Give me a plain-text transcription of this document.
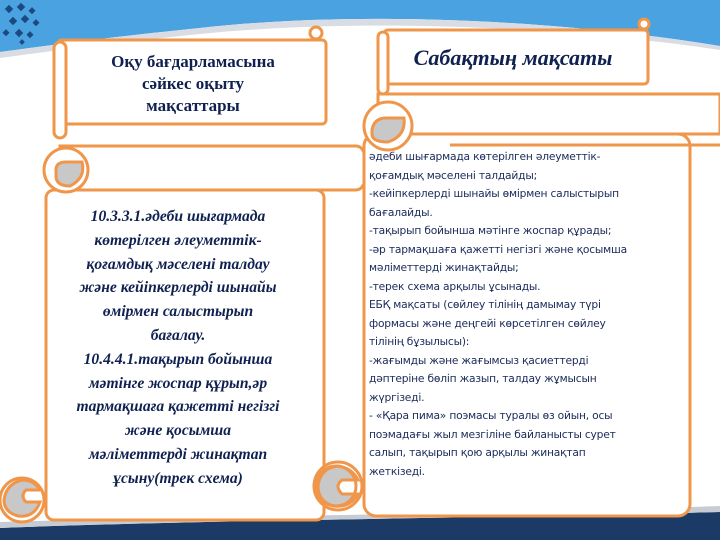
Оқу бағдарламасына
сәйкес оқыту
мақсаттары
Сабақтың мақсаты
10.3.3.1.әдеби шығармада
көтерілген әлеуметтік-
қоғамдық мәселені талдау
және кейіпкерлерді шынайы
өмірмен салыстырып
бағалау.
10.4.4.1.тақырып бойынша
мәтінге жоспар құрып,әр
тармақшаға қажетті негізгі
және қосымша
мәліметтерді жинақтап
ұсыну(трек схема)
әдеби шығармада көтерілген әлеуметтік-
қоғамдық мәселені талдайды;
-кейіпкерлерді шынайы өмірмен салыстырып
бағалайды.
-тақырып бойынша мәтінге жоспар құрады;
-әр тармақшаға қажетті негізгі және қосымша
мәліметтерді жинақтайды;
-терек схема арқылы ұсынады.
ЕБҚ мақсаты (сөйлеу тілінің дамымау түрі
формасы және деңгейі көрсетілген сөйлеу
тілінің бұзылысы):
-жағымды және жағымсыз қасиеттерді
дәптеріне бөліп жазып, талдау жұмысын
жүргізеді.
- «Қара пима» поэмасы туралы өз ойын, осы
поэмадағы жыл мезгіліне байланысты сурет
салып, тақырып қою арқылы жинақтап
жеткізеді.
